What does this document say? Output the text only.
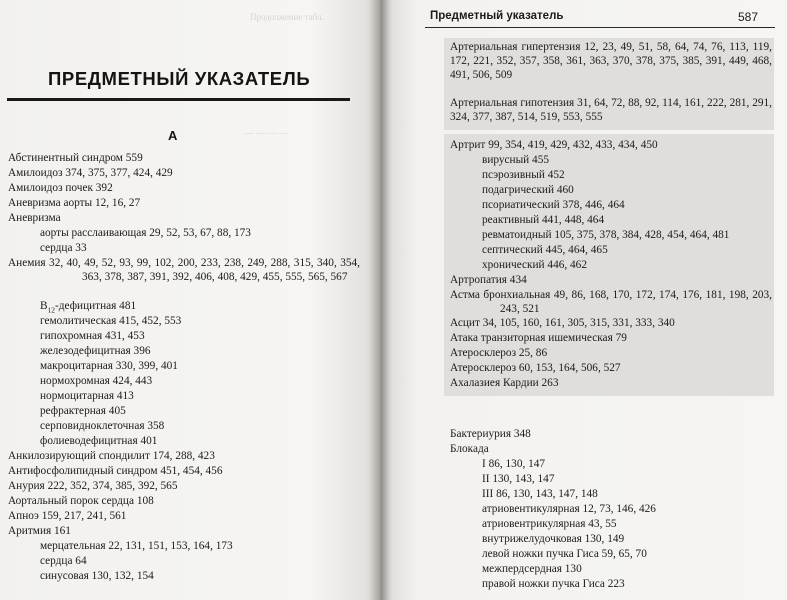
Продолжение табл.
— — — —
ПРЕДМЕТНЫЙ УКАЗАТЕЛЬ
А
Абстинентный синдром 559
Амилоидоз 374, 375, 377, 424, 429
Амилоидоз почек 392
Аневризма аорты 12, 16, 27
Аневризма
аорты расслаивающая 29, 52, 53, 67, 88, 173
сердца 33
Анемия 32, 40, 49, 52, 93, 99, 102, 200, 233, 238, 249, 288, 315, 340, 354, 363, 378, 387, 391, 392, 406, 408, 429, 455, 555, 565, 567
$B_{12}$-дефицитная 481
гемолитическая 415, 452, 553
гипохромная 431, 453
железодефицитная 396
макроцитарная 330, 399, 401
нормохромная 424, 443
нормоцитарная 413
рефрактерная 405
серповидноклеточная 358
фолиеводефицитная 401
Анкилозирующий спондилит 174, 288, 423
Антифосфолипидный синдром 451, 454, 456
Анурия 222, 352, 374, 385, 392, 565
Аортальный порок сердца 108
Апноэ 159, 217, 241, 561
Аритмия 161
мерцательная 22, 131, 151, 153, 164, 173
сердца 64
синусовая 130, 132, 154
Предметный указатель	587
Артериальная гипертензия 12, 23, 49, 51, 58, 64, 74, 76, 113, 119, 172, 221, 352, 357, 358, 361, 363, 370, 378, 375, 385, 391, 449, 468, 491, 506, 509
Артериальная гипотензия 31, 64, 72, 88, 92, 114, 161, 222, 281, 291, 324, 377, 387, 514, 519, 553, 555
Артрит 99, 354, 419, 429, 432, 433, 434, 450
вирусный 455
псэрозивный 452
подагрический 460
псориатический 378, 446, 464
реактивный 441, 448, 464
ревматоидный 105, 375, 378, 384, 428, 454, 464, 481
септический 445, 464, 465
хронический 446, 462
Артропатия 434
Астма бронхиальная 49, 86, 168, 170, 172, 174, 176, 181, 198, 203, 243, 521
Асцит 34, 105, 160, 161, 305, 315, 331, 333, 340
Атака транзиторная ишемическая 79
Атеросклероз 25, 86
Атеросклероз 60, 153, 164, 506, 527
Ахалазиея Кардии 263
Бактериурия 348
Блокада
I 86, 130, 147
II 130, 143, 147
III 86, 130, 143, 147, 148
атриовентикулярная 12, 73, 146, 426
атриовентрикулярная 43, 55
внутрижелудочковая 130, 149
левой ножки пучка Гиса 59, 65, 70
межпердсердная 130
правой ножки пучка Гиса 223
